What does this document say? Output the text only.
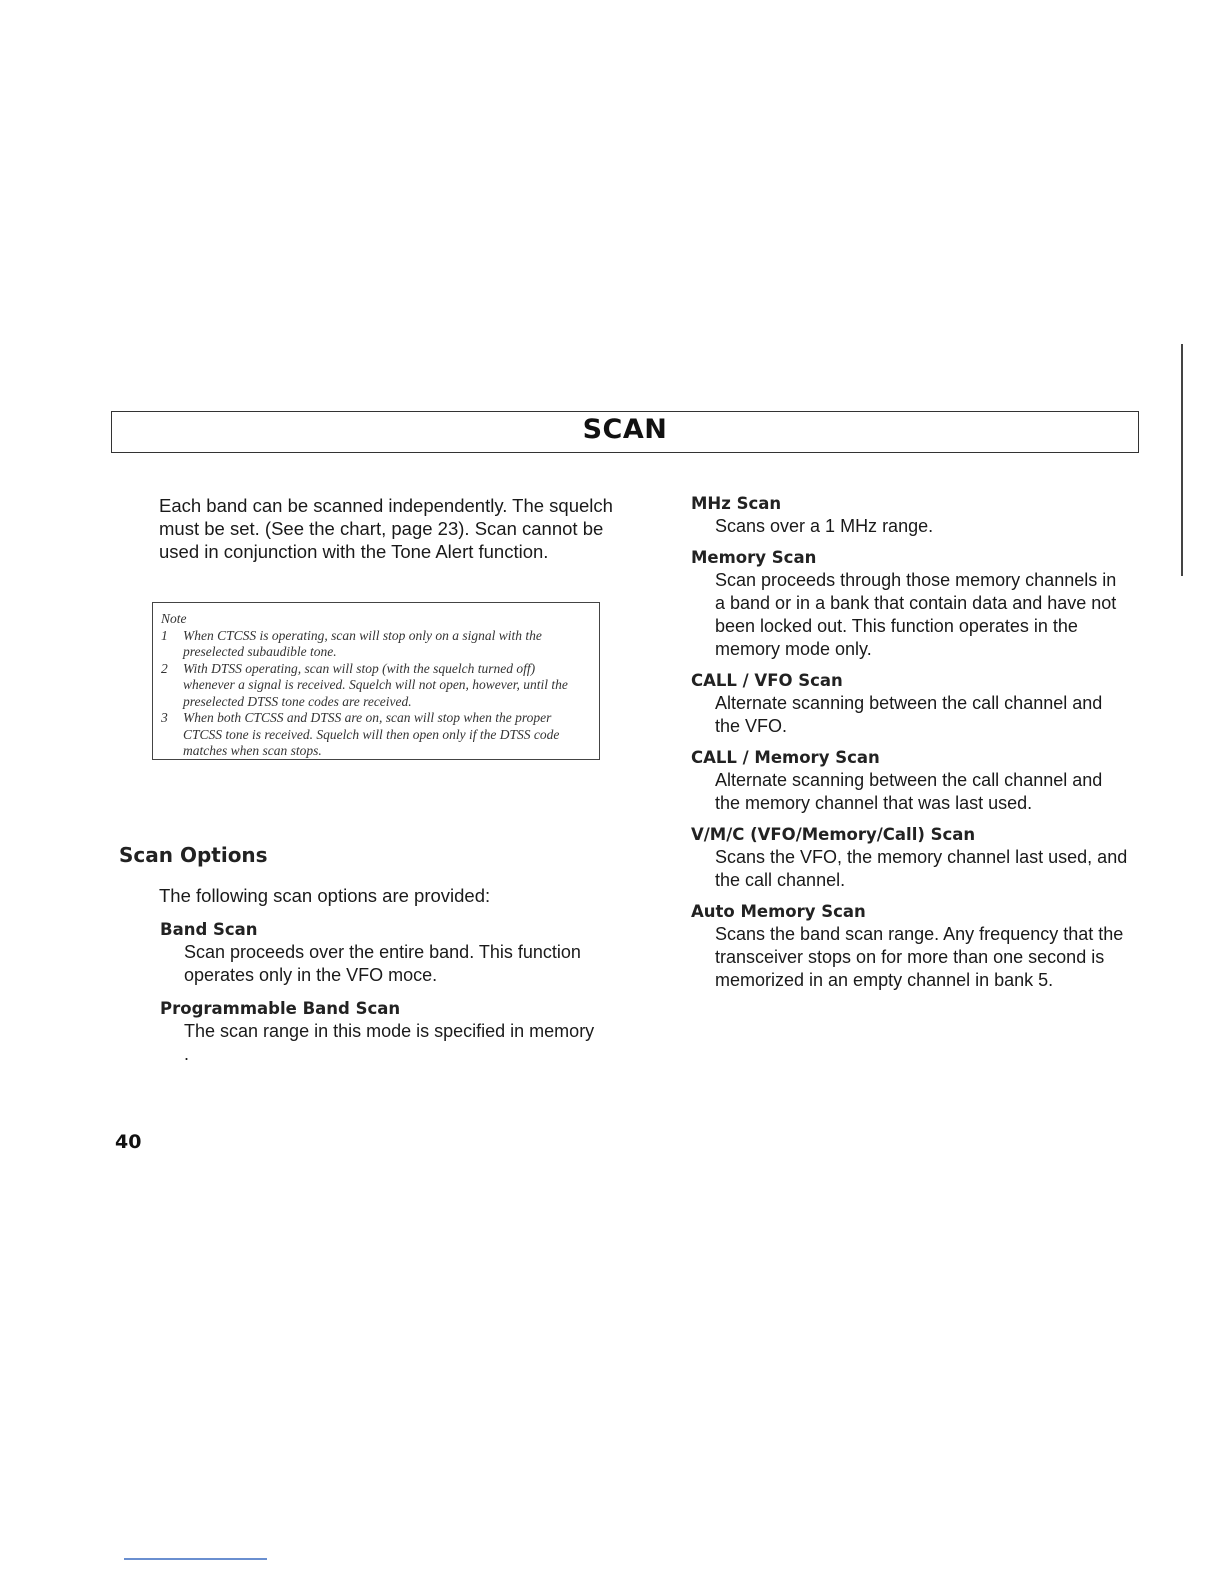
SCAN

Each band can be scanned independently. The squelch must be set. (See the chart, page 23). Scan cannot be used in conjunction with the Tone Alert function.

Note
1	When CTCSS is operating, scan will stop only on a signal with the preselected subaudible tone.
2	With DTSS operating, scan will stop (with the squelch turned off) whenever a signal is received. Squelch will not open, however, until the preselected DTSS tone codes are received.
3	When both CTCSS and DTSS are on, scan will stop when the proper CTCSS tone is received. Squelch will then open only if the DTSS code matches when scan stops.
Scan Options

The following scan options are provided:

Band Scan

Scan proceeds over the entire band. This function operates only in the VFO moce.

Programmable Band Scan

The scan range in this mode is specified in memory .

MHz Scan

Scans over a 1 MHz range.

Memory Scan

Scan proceeds through those memory channels in a band or in a bank that contain data and have not been locked out. This function operates in the memory mode only.

CALL / VFO Scan

Alternate scanning between the call channel and the VFO.

CALL / Memory Scan

Alternate scanning between the call channel and the memory channel that was last used.

V/M/C (VFO/Memory/Call) Scan

Scans the VFO, the memory channel last used, and the call channel.

Auto Memory Scan

Scans the band scan range. Any frequency that the transceiver stops on for more than one second is memorized in an empty channel in bank 5.

40
